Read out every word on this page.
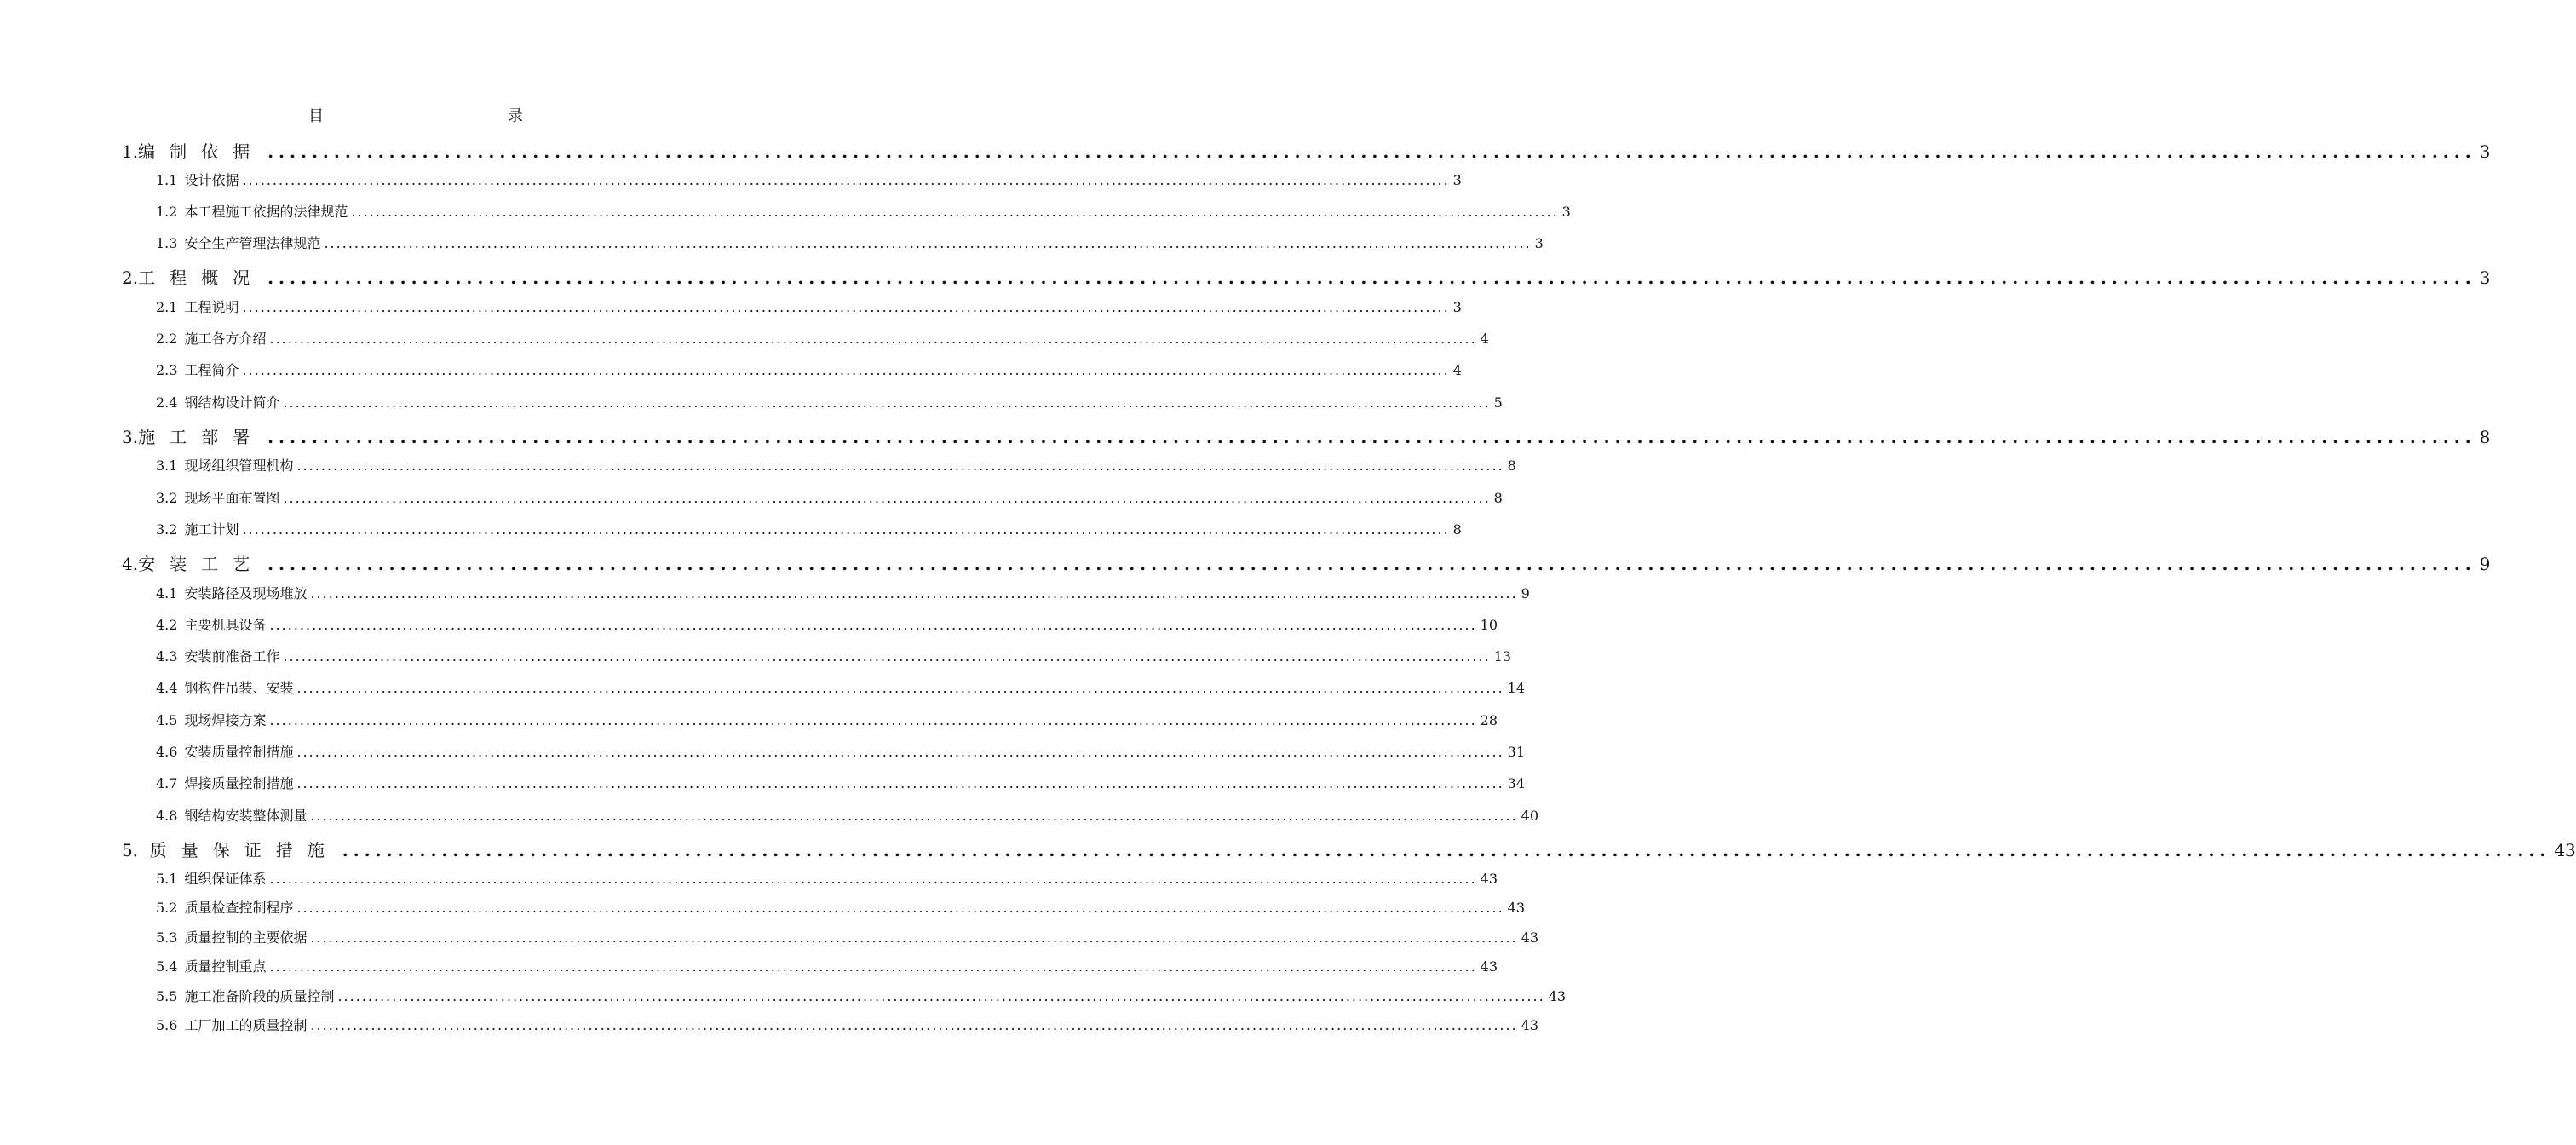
目　　录
1. 编制依据 ........................................................................................................................................................................................................ 3
1.1 设计依据 ........................................................................................................................................................................................................ 3
1.2 本工程施工依据的法律规范 ........................................................................................................................................................................................................ 3
1.3 安全生产管理法律规范 ........................................................................................................................................................................................................ 3
2. 工程概况 ........................................................................................................................................................................................................ 3
2.1 工程说明 ........................................................................................................................................................................................................ 3
2.2 施工各方介绍 ........................................................................................................................................................................................................ 4
2.3 工程简介 ........................................................................................................................................................................................................ 4
2.4 钢结构设计简介 ........................................................................................................................................................................................................ 5
3. 施工部署 ........................................................................................................................................................................................................ 8
3.1 现场组织管理机构 ........................................................................................................................................................................................................ 8
3.2 现场平面布置图 ........................................................................................................................................................................................................ 8
3.2 施工计划 ........................................................................................................................................................................................................ 8
4. 安装工艺 ........................................................................................................................................................................................................ 9
4.1 安装路径及现场堆放 ........................................................................................................................................................................................................ 9
4.2 主要机具设备 ........................................................................................................................................................................................................ 10
4.3 安装前准备工作 ........................................................................................................................................................................................................ 13
4.4 钢构件吊装、安装 ........................................................................................................................................................................................................ 14
4.5 现场焊接方案 ........................................................................................................................................................................................................ 28
4.6 安装质量控制措施 ........................................................................................................................................................................................................ 31
4.7 焊接质量控制措施 ........................................................................................................................................................................................................ 34
4.8 钢结构安装整体测量 ........................................................................................................................................................................................................ 40
5． 质量保证措施 ........................................................................................................................................................................................................ 43
5.1 组织保证体系 ........................................................................................................................................................................................................ 43
5.2 质量检查控制程序 ........................................................................................................................................................................................................ 43
5.3 质量控制的主要依据 ........................................................................................................................................................................................................ 43
5.4 质量控制重点 ........................................................................................................................................................................................................ 43
5.5 施工准备阶段的质量控制 ........................................................................................................................................................................................................ 43
5.6 工厂加工的质量控制 ........................................................................................................................................................................................................ 43
